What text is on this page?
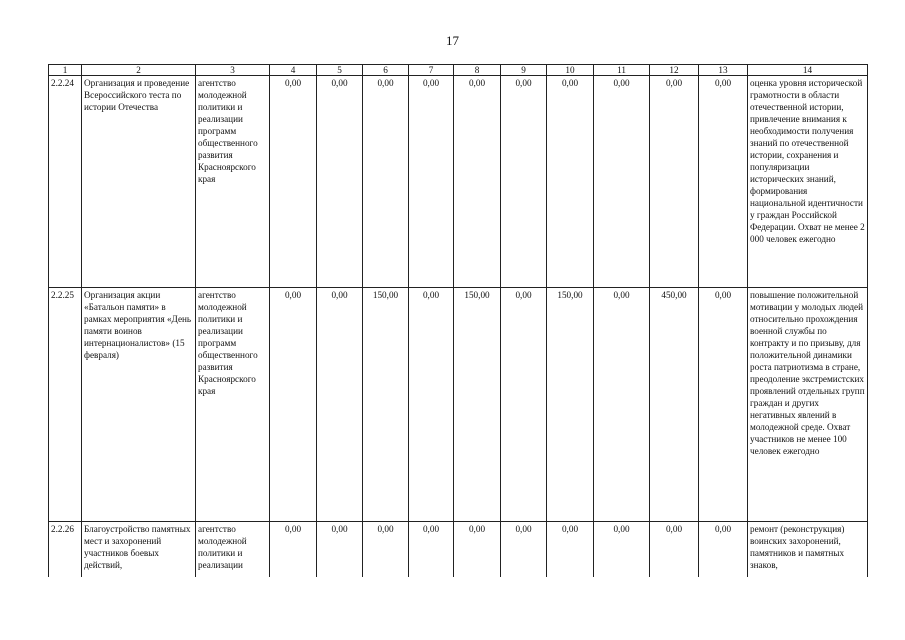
17
1	2	3	4	5	6	7	8	9	10	11	12	13	14
2.2.24	Организация и проведение Всероссийского теста по истории Отечества	агентство молодежной политики и реализации программ общественного развития Красноярского края	0,00	0,00	0,00	0,00	0,00	0,00	0,00	0,00	0,00	0,00	оценка уровня исторической грамотности в области отечественной истории, привлечение внимания к необходимости получения знаний по отечественной истории, сохранения и популяризации исторических знаний, формирования национальной идентичности у граждан Российской Федерации. Охват не менее 2 000 человек ежегодно
2.2.25	Организация акции «Батальон памяти» в рамках мероприятия «День памяти воинов интернационалистов» (15 февраля)	агентство молодежной политики и реализации программ общественного развития Красноярского края	0,00	0,00	150,00	0,00	150,00	0,00	150,00	0,00	450,00	0,00	повышение положительной мотивации у молодых людей относительно прохождения военной службы по контракту и по призыву, для положительной динамики роста патриотизма в стране, преодоление экстремистских проявлений отдельных групп граждан и других негативных явлений в молодежной среде. Охват участников не менее 100 человек ежегодно
2.2.26	Благоустройство памятных мест и захоронений участников боевых действий,	агентство молодежной политики и реализации	0,00	0,00	0,00	0,00	0,00	0,00	0,00	0,00	0,00	0,00	ремонт (реконструкция) воинских захоронений, памятников и памятных знаков,
